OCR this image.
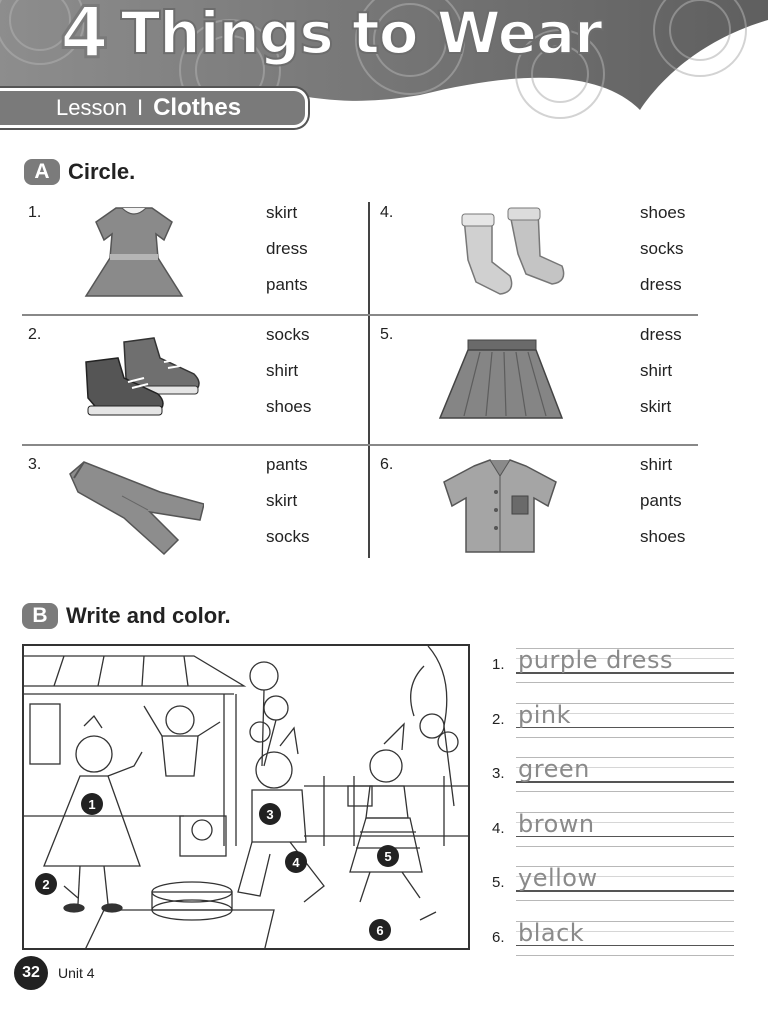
4 Things to Wear
Lesson I Clothes
A Circle.
1.	skirt
dress
pants
4.	shoes
socks
dress
2.	socks
shirt
shoes
5.	dress
shirt
skirt
3.	pants
skirt
socks
6.	shirt
pants
shoes
B Write and color.
1
2
3
4	5
6
1. purple dress
2. pink
3. green
4. brown
5. yellow
6. black
32	Unit 4
